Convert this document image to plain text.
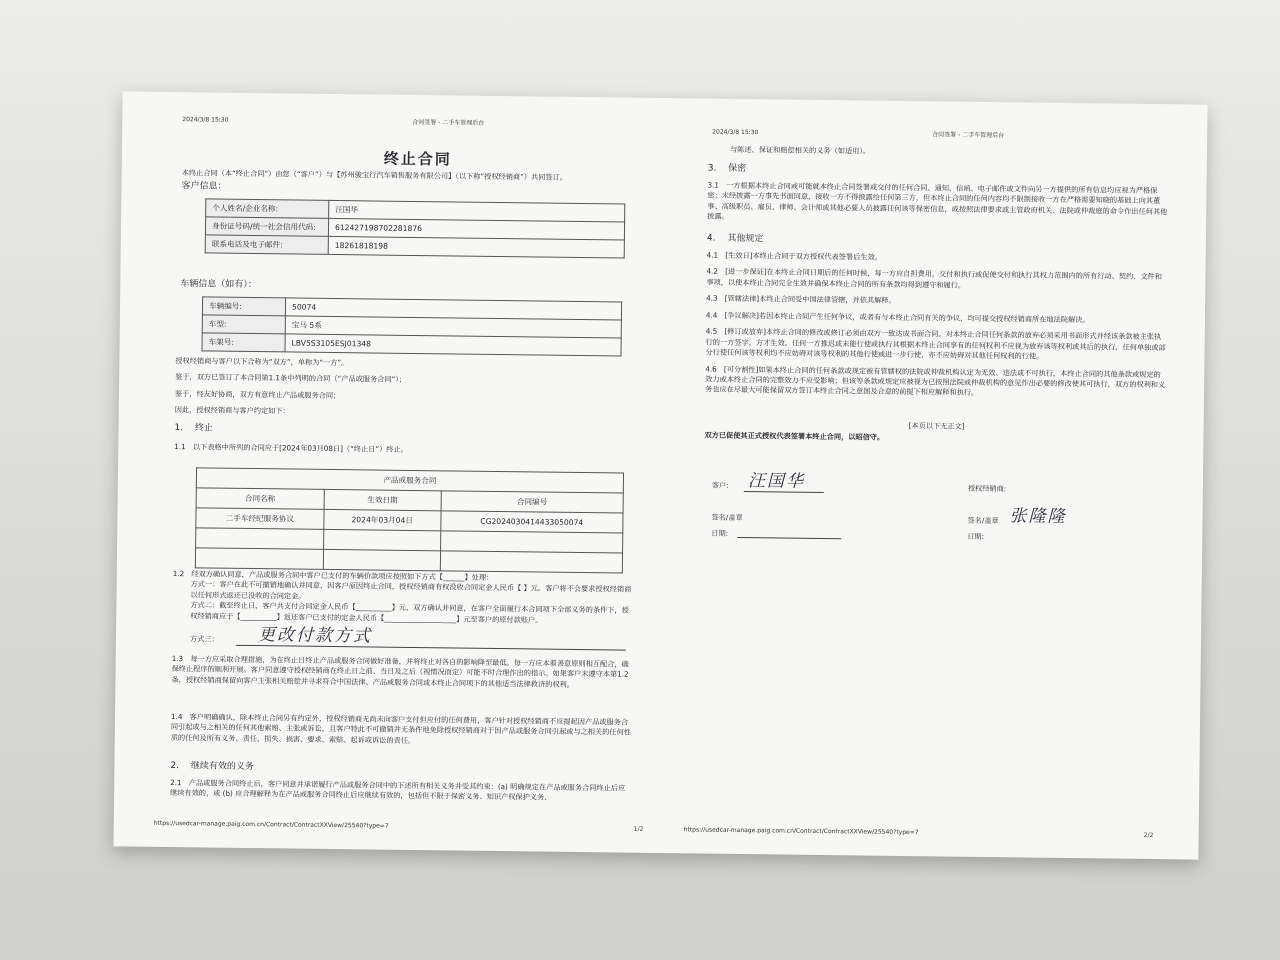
2024/3/8 15:30	合同签署 - 二手车管理后台
终止合同
本终止合同（本“终止合同”）由您（“客户”）与【苏州骏宝行汽车销售服务有限公司】（以下称“授权经销商”）共同签订。
客户信息：
个人姓名/企业名称:	汪国华
身份证号码/统一社会信用代码:	612427198702281876
联系电话及电子邮件:	18261818198
车辆信息（如有）：
车辆编号:	50074
车型:	宝马 5系
车架号:	LBV5S3105ESJ01348
授权经销商与客户以下合称为“双方”，单称为“一方”。
鉴于，双方已签订了本合同第1.1条中列明的合同（“产品或服务合同”）；
鉴于，经友好协商，双方有意终止产品或服务合同；
因此，授权经销商与客户约定如下：
1.　 终止
1.1　以下表格中所列的合同应于[2024年03月08日]（“终止日”）终止。
产品或服务合同		
合同名称	生效日期	合同编号
二手车经纪服务协议	2024年03月04日	CG2024030414433050074

1.2　经双方确认同意，产品或服务合同中客户已支付的车辆价款项应按照如下方式【______】处理：
方式一：客户在此不可撤销地确认并同意，因客户原因终止合同，授权经销商有权没收合同定金人民币【 】元。客户将不会要求授权经销商以任何形式返还已没收的合同定金。
方式二：截至终止日，客户共支付合同定金人民币【__________】元，双方确认并同意，在客户全面履行本合同项下全部义务的条件下，授权经销商应于【__________】返还客户已支付的定金人民币【____________________】元至客户的原付款账户。
方式三： 更改付款方式
1.3　每一方应采取合理措施，为在终止日终止产品或服务合同做好准备，并将终止对各自的影响降至最低。每一方应本着善意原则相互配合，确保终止程序的顺利开展。客户同意遵守授权经销商在终止日之前、当日及之后（视情况而定）可能不时合理作出的指示。如果客户未遵守本第1.2条，授权经销商保留向客户主张相关赔偿并寻求符合中国法律、产品或服务合同或本终止合同项下的其他适当法律救济的权利。
1.4　客户明确确认，除本终止合同另有约定外，授权经销商无尚未向客户支付但应付的任何费用，客户针对授权经销商不应提起因产品或服务合同引起或与之相关的任何其他索赔、主张或诉讼，且客户特此不可撤销并无条件地免除授权经销商对于因产品或服务合同引起或与之相关的任何性质的任何及所有义务、责任、损失、损害、要求、索赔、起诉或诉讼的责任。
2.　 继续有效的义务
2.1　产品或服务合同终止后，客户同意并承诺履行产品或服务合同中的下述所有相关义务并受其约束：(a) 明确规定在产品或服务合同终止后应继续有效的，或 (b) 应合理解释为在产品或服务合同终止后应继续有效的，包括但不限于保密义务、知识产权保护义务、
https://usedcar-manage.paig.com.cn/Contract/ContractXXView/25540?type=7	1/2
2024/3/8 15:30	合同签署 - 二手车管理后台
与陈述、保证和赔偿相关的义务（如适用）。
3.　 保密
3.1　一方根据本终止合同或可能就本终止合同签署或交付的任何合同、通知、信函、电子邮件或文件向另一方提供的所有信息均应视为严格保密；未经披露一方事先书面同意，接收一方不得披露给任何第三方，但本终止合同的任何内容均不限制接收一方在严格需要知晓的基础上向其董事、高级职员、雇员、律师、会计师或其他必要人员披露任何该等保密信息，或按照法律要求或主管政府机关、法院或仲裁庭的命令作出任何其他披露。
4.　 其他规定
4.1　[生效日]本终止合同于双方授权代表签署后生效。
4.2　[进一步保证]在本终止合同日期后的任何时候，每一方应自担费用，交付和执行或促使交付和执行其权力范围内的所有行动、契约、文件和事项，以使本终止合同完全生效并确保本终止合同的所有条款均得到遵守和履行。
4.3　[管辖法律]本终止合同受中国法律管辖，并依其解释。
4.4　[争议解决]若因本终止合同产生任何争议，或者有与本终止合同有关的争议，均可提交授权经销商所在地法院解决。
4.5　[修订或放弃]本终止合同的修改或修订必须由双方一致达成书面合同。对本终止合同任何条款的放弃必须采用书面形式并经该条款被主张执行的一方签字，方才生效。任何一方推迟或未能行使或执行其根据本终止合同享有的任何权利不应视为放弃该等权利或其后的执行，任何单独或部分行使任何该等权利均不应妨碍对该等权利的其他行使或进一步行使，亦不应妨碍对其他任何权利的行使。
4.6　[可分割性]如果本终止合同的任何条款或规定被有管辖权的法院或仲裁机构认定为无效、违法或不可执行，本终止合同的其他条款或规定的效力或本终止合同的完整效力不应受影响；但该等条款或规定应被视为已按照法院或仲裁机构的意见作出必要的修改使其可执行，双方的权利和义务也应在尽最大可能保留双方签订本终止合同之意图及合意的前提下相应解释和执行。
[本页以下无正文]
双方已促使其正式授权代表签署本终止合同，以昭信守。
客户: 汪国华
签名/盖章
日期:
授权经销商:
签名/盖章 张隆隆
日期:
https://usedcar-manage.paig.com.cn/Contract/ContractXXView/25540?type=7	2/2
